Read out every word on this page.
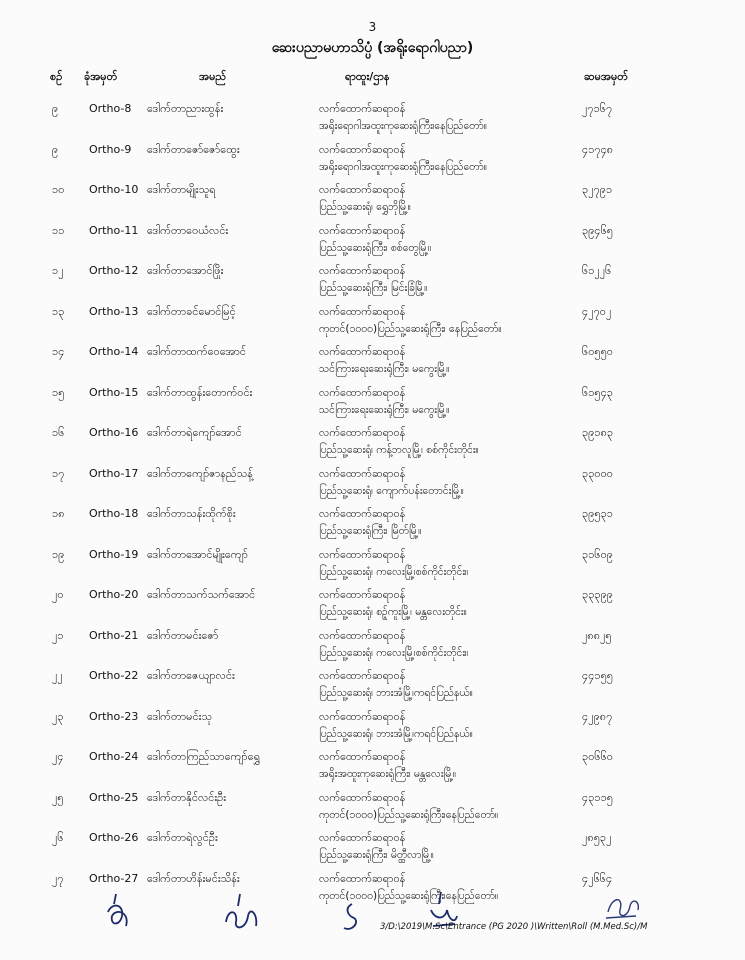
3
ဆေးပညာမဟာသိပ္ပံ (အရိုးရောဂါပညာ)
စဉ် ခုံအမှတ်	အမည်	ရာထူး/ဌာန	ဆမအမှတ်
၉	Ortho-8 ဒေါက်တာညားထွန်း	လက်ထောက်ဆရာဝန်	၂၇၁၆၇
အရိုးရောဂါအထူးကုဆေးရုံကြီး၊နေပြည်တော်။
၉	Ortho-9 ဒေါက်တာဇော်ဇော်ထွေး	လက်ထောက်ဆရာဝန်	၄၁၇၄၈
အရိုးရောဂါအထူးကုဆေးရုံကြီး၊နေပြည်တော်။
၁၀ Ortho-10 ဒေါက်တာမျိုးသူရ	လက်ထောက်ဆရာဝန်	၃၂၇၉၁
ပြည်သူ့ဆေးရုံ၊ ရွှေဘိုမြို့။
၁၁ Ortho-11 ဒေါက်တာဝေယံလင်း	လက်ထောက်ဆရာဝန်	၃၉၄၆၅
ပြည်သူ့ဆေးရုံကြီး၊ စစ်တွေမြို့။
၁၂ Ortho-12 ဒေါက်တာအောင်ဖြိုး	လက်ထောက်ဆရာဝန်	၆၁၂၂၆
ပြည်သူ့ဆေးရုံကြီး၊ မြင်းခြံမြို့။
၁၃ Ortho-13 ဒေါက်တာခင်မောင်မြင့်	လက်ထောက်ဆရာဝန်	၄၂၇၀၂
ကုတင်(၁၀၀၀)ပြည်သူ့ဆေးရုံကြီး၊ နေပြည်တော်။
၁၄ Ortho-14 ဒေါက်တာထက်ဝေအောင်	လက်ထောက်ဆရာဝန်	၆၀၅၅၀
သင်ကြားရေးဆေးရုံကြီး၊ မကွေးမြို့။
၁၅ Ortho-15 ဒေါက်တာထွန်းတောက်ဝင်း	လက်ထောက်ဆရာဝန်	၆၁၅၄၃
သင်ကြားရေးဆေးရုံကြီး၊ မကွေးမြို့။
၁၆ Ortho-16 ဒေါက်တာရဲကျော်အောင်	လက်ထောက်ဆရာဝန်	၃၉၁၈၃
ပြည်သူ့ဆေးရုံ၊ ကန့်ဘလူမြို့၊ စစ်ကိုင်းတိုင်း။
၁၇ Ortho-17 ဒေါက်တာကျော်ဇာနည်သန့်	လက်ထောက်ဆရာဝန်	၃၃၀၀၀
ပြည်သူ့ဆေးရုံ၊ ကျောက်ပန်းတောင်းမြို့။
၁၈ Ortho-18 ဒေါက်တာသန်းထိုက်စိုး	လက်ထောက်ဆရာဝန်	၃၉၅၃၁
ပြည်သူ့ဆေးရုံကြီး၊ မြိတ်မြို့။
၁၉ Ortho-19 ဒေါက်တာအောင်မျိုးကျော်	လက်ထောက်ဆရာဝန်	၃၁၆၀၉
ပြည်သူ့ဆေးရုံ၊ ကလေးမြို့၊စစ်ကိုင်းတိုင်း။
၂၀ Ortho-20 ဒေါက်တာသက်သက်အောင်	လက်ထောက်ဆရာဝန်	၃၃၃၉၉
ပြည်သူ့ဆေးရုံ၊ စဉ့်ကူးမြို့၊ မန္တလေးတိုင်း။
၂၁ Ortho-21 ဒေါက်တာမင်းဇော်	လက်ထောက်ဆရာဝန်	၂၈၈၂၅
ပြည်သူ့ဆေးရုံ၊ ကလေးမြို့၊စစ်ကိုင်းတိုင်း။
၂၂ Ortho-22 ဒေါက်တာဇေယျာလင်း	လက်ထောက်ဆရာဝန်	၄၄၁၅၅
ပြည်သူ့ဆေးရုံ၊ ဘားအံမြို့၊ကရင်ပြည်နယ်။
၂၃ Ortho-23 ဒေါက်တာမင်းသု	လက်ထောက်ဆရာဝန်	၄၂၉၈၇
ပြည်သူ့ဆေးရုံ၊ ဘားအံမြို့၊ကရင်ပြည်နယ်။
၂၄ Ortho-24 ဒေါက်တာကြည်သာကျော်ရွှေ	လက်ထောက်ဆရာဝန်	၃၀၆၆၀
အရိုးအထူးကုဆေးရုံကြီး၊ မန္တလေးမြို့။
၂၅ Ortho-25 ဒေါက်တာနိုင်လင်းဦး	လက်ထောက်ဆရာဝန်	၄၃၁၁၅
ကုတင်(၁၀၀၀)ပြည်သူ့ဆေးရုံကြီး၊နေပြည်တော်။
၂၆ Ortho-26 ဒေါက်တာရဲလွင်ဦး	လက်ထောက်ဆရာဝန်	၂၈၅၃၂
ပြည်သူ့ဆေးရုံကြီး၊ မိတ္ထီလာမြို့။
၂၇ Ortho-27 ဒေါက်တာဟိန်းမင်းသိန်း	လက်ထောက်ဆရာဝန်	၄၂၆၆၄
ကုတင်(၁၀၀၀)ပြည်သူ့ဆေးရုံကြီး၊နေပြည်တော်။
3/D:\2019\M.Sc\Entrance (PG 2020 )\Written\Roll (M.Med.Sc)/M
